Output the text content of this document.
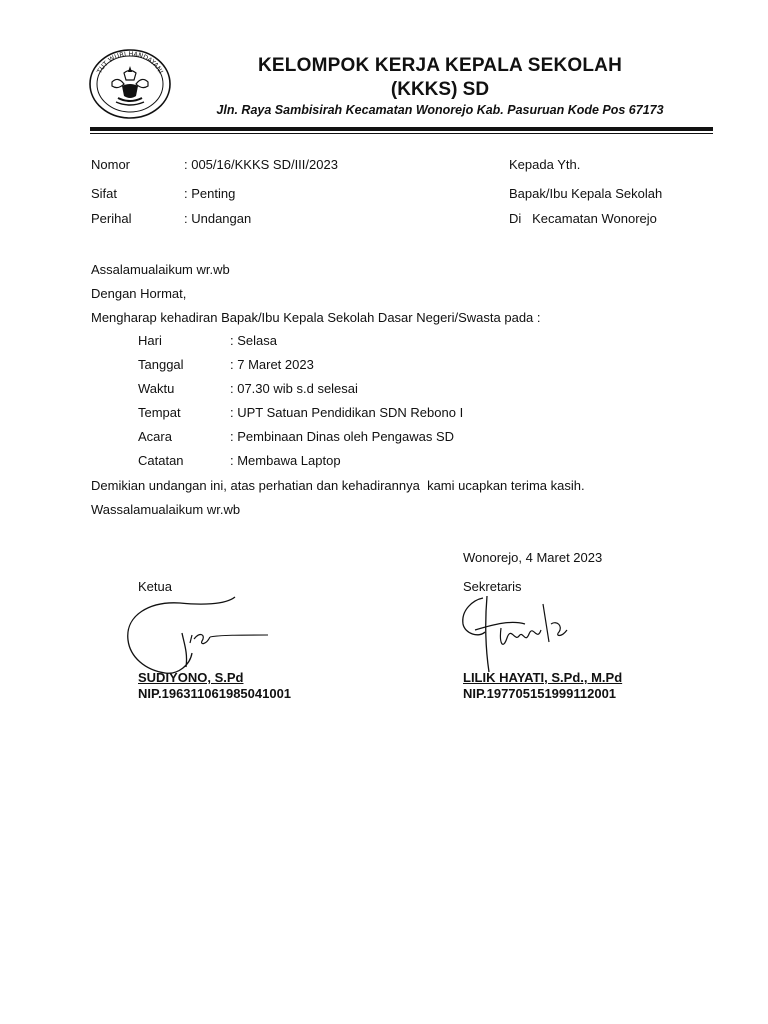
TUT WURI HANDAYANI	KELOMPOK KERJA KEPALA SEKOLAH
(KKKS) SD
Jln. Raya Sambisirah Kecamatan Wonorejo Kab. Pasuruan Kode Pos 67173
Nomor	: 005/16/KKKS SD/III/2023
Sifat	: Penting
Perihal	: Undangan
Kepada Yth.
Bapak/Ibu Kepala Sekolah
Di   Kecamatan Wonorejo
Assalamualaikum wr.wb
Dengan Hormat,
Mengharap kehadiran Bapak/Ibu Kepala Sekolah Dasar Negeri/Swasta pada :
Hari	: Selasa
Tanggal	: 7 Maret 2023
Waktu	: 07.30 wib s.d selesai
Tempat	: UPT Satuan Pendidikan SDN Rebono I
Acara	: Pembinaan Dinas oleh Pengawas SD
Catatan	: Membawa Laptop
Demikian undangan ini, atas perhatian dan kehadirannya  kami ucapkan terima kasih.
Wassalamualaikum wr.wb
Wonorejo, 4 Maret 2023
Ketua	Sekretaris
SUDIYONO, S.Pd
NIP.196311061985041001
LILIK HAYATI, S.Pd., M.Pd
NIP.197705151999112001
